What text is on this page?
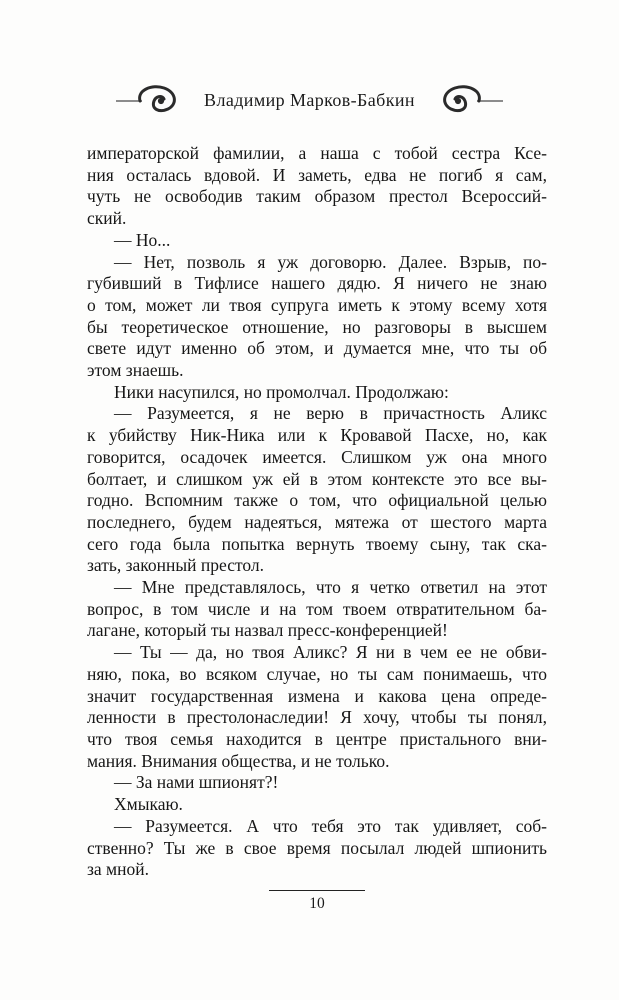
Владимир Марков-Бабкин
императорской фамилии, а наша с тобой сестра Ксе-
ния осталась вдовой. И заметь, едва не погиб я сам,
чуть не освободив таким образом престол Всероссий-
ский.
— Но...
— Нет, позволь я уж договорю. Далее. Взрыв, по-
губивший в Тифлисе нашего дядю. Я ничего не знаю
о том, может ли твоя супруга иметь к этому всему хотя
бы теоретическое отношение, но разговоры в высшем
свете идут именно об этом, и думается мне, что ты об
этом знаешь.
Ники насупился, но промолчал. Продолжаю:
— Разумеется, я не верю в причастность Аликс
к убийству Ник-Ника или к Кровавой Пасхе, но, как
говорится, осадочек имеется. Слишком уж она много
болтает, и слишком уж ей в этом контексте это все вы-
годно. Вспомним также о том, что официальной целью
последнего, будем надеяться, мятежа от шестого марта
сего года была попытка вернуть твоему сыну, так ска-
зать, законный престол.
— Мне представлялось, что я четко ответил на этот
вопрос, в том числе и на том твоем отвратительном ба-
лагане, который ты назвал пресс-конференцией!
— Ты — да, но твоя Аликс? Я ни в чем ее не обви-
няю, пока, во всяком случае, но ты сам понимаешь, что
значит государственная измена и какова цена опреде-
ленности в престолонаследии! Я хочу, чтобы ты понял,
что твоя семья находится в центре пристального вни-
мания. Внимания общества, и не только.
— За нами шпионят?!
Хмыкаю.
— Разумеется. А что тебя это так удивляет, соб-
ственно? Ты же в свое время посылал людей шпионить
за мной.
10
